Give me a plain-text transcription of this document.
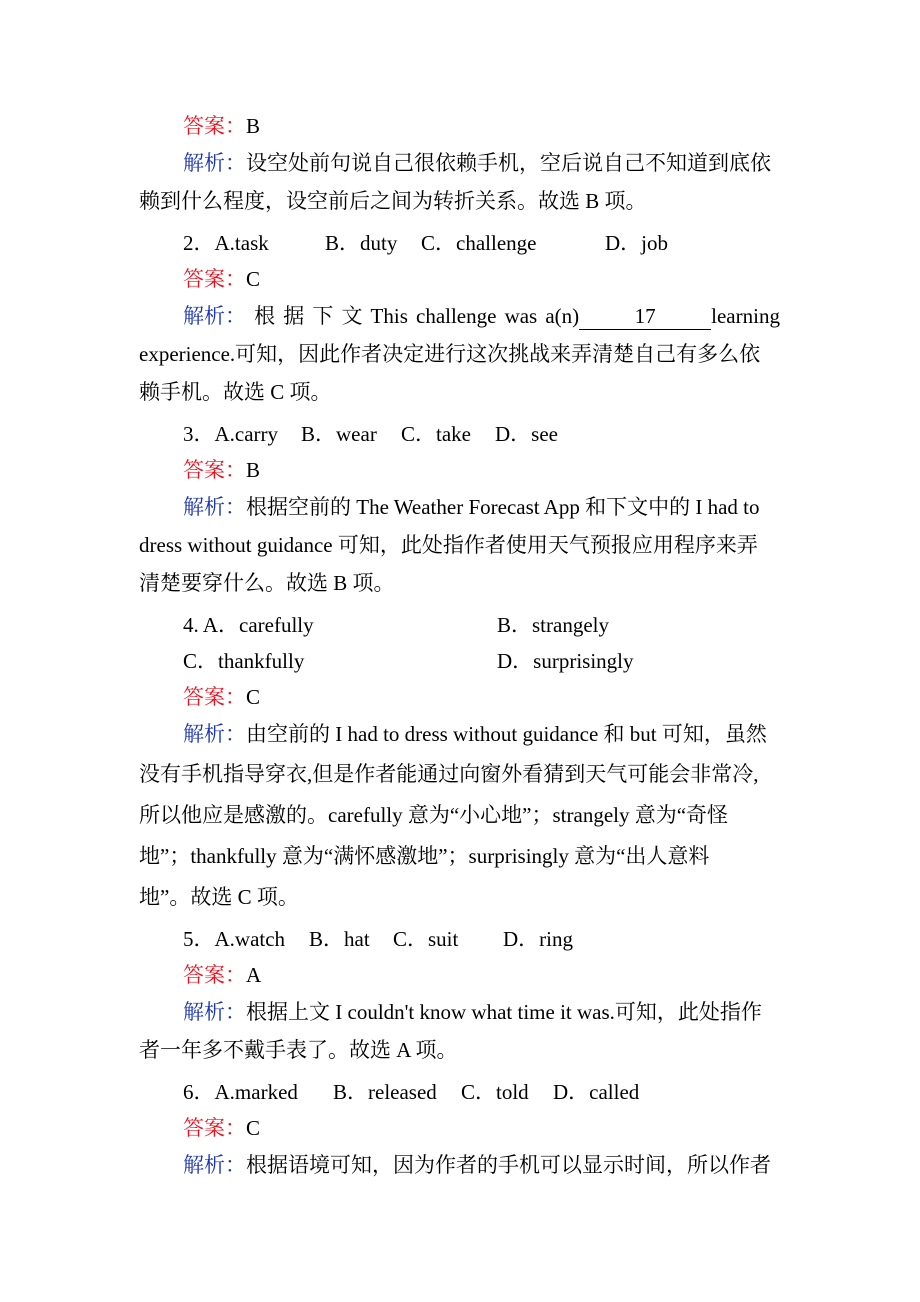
答案：B
解析：设空处前句说自己很依赖手机，空后说自己不知道到底依
赖到什么程度，设空前后之间为转折关系。故选 B 项。
2．A.task	B．duty C．challenge	D．job
答案：C
解析： 根 据 下 文 This challenge was a(n)	17	learning
experience.可知，因此作者决定进行这次挑战来弄清楚自己有多么依
赖手机。故选 C 项。
3．A.carry B．wear C．take D．see
答案：B
解析：根据空前的 The Weather Forecast App 和下文中的 I had to
dress without guidance 可知，此处指作者使用天气预报应用程序来弄
清楚要穿什么。故选 B 项。
4. A．carefully	B．strangely
C．thankfully	D．surprisingly
答案：C
解析：由空前的 I had to dress without guidance 和 but 可知，虽然
没有手机指导穿衣,但是作者能通过向窗外看猜到天气可能会非常冷,
所以他应是感激的。carefully 意为“小心地”；strangely 意为“奇怪
地”；thankfully 意为“满怀感激地”；surprisingly 意为“出人意料
地”。故选 C 项。
5．A.watch B．hat C．suit D．ring
答案：A
解析：根据上文 I couldn't know what time it was.可知，此处指作
者一年多不戴手表了。故选 A 项。
6．A.marked B．released C．told D．called
答案：C
解析：根据语境可知，因为作者的手机可以显示时间，所以作者
